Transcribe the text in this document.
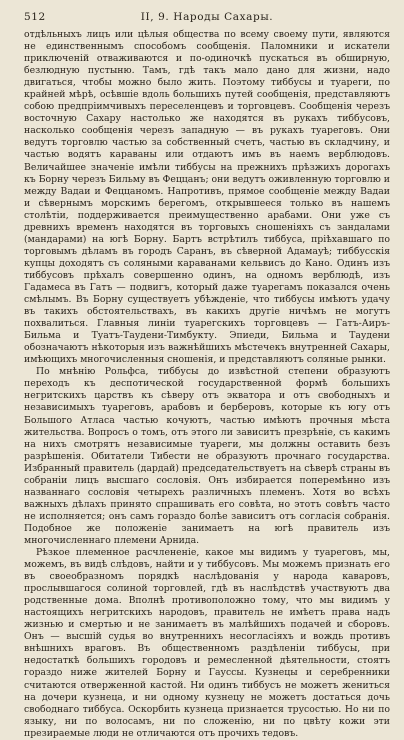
512	II, 9. Народы Сахары.

отдѣльныхъ лицъ или цѣлыя общества по всему своему пути, являются не единственнымъ способомъ сообщенія. Паломники и искатели приключеній отваживаются и по-одиночкѣ пускаться въ обширную, безлюдную пустыню. Тамъ, гдѣ такъ мало дано для жизни, надо двигаться, чтобы можно было жить. Поэтому тиббусы и туареги, по крайней мѣрѣ, осѣвшіе вдоль большихъ путей сообщенія, представляютъ собою предпріимчивыхъ переселенцевъ и торговцевъ. Сообщенія черезъ восточную Сахару настолько же находятся въ рукахъ тиббусовъ, насколько сообщенія черезъ западную — въ рукахъ туареговъ. Они ведутъ торговлю частью за собственный счетъ, частью въ складчину, и частью водятъ караваны или отдаютъ имъ въ наемъ верблюдовъ. Величайшее значеніе имѣли тиббусы на прежнихъ прѣзжихъ дорогахъ къ Борну черезъ Бильму въ Феццанъ; они ведутъ оживленную торговлю и между Вадаи и Феццаномъ. Напротивъ, прямое сообщеніе между Вадаи и сѣвернымъ морскимъ берегомъ, открывшееся только въ нашемъ столѣтіи, поддерживается преимущественно арабами. Они уже съ древнихъ временъ находятся въ торговыхъ сношеніяхъ съ зандалами (мандарами) на югѣ Борну. Бартъ встрѣтилъ тиббуса, пріѣхавшаго по торговымъ дѣламъ въ городъ Саранъ, въ сѣверной Адамауѣ; тиббусскія купцы доходятъ съ соляными караванами кельвисъ до Кано. Одинъ изъ тиббусовъ прѣхалъ совершенно одинъ, на одномъ верблюдѣ, изъ Гадамеса въ Гатъ — подвигъ, который даже туарегамъ показался очень смѣлымъ. Въ Борну существуетъ убѣжденіе, что тиббусы имѣютъ удачу въ такихъ обстоятельствахъ, въ какихъ другіе ничѣмъ не могутъ похвалиться. Главныя линіи туарегскихъ торговцевъ — Гатъ-Аиръ-Бильма и Туатъ-Таудени-Тимбукту. Эпиеди, Бильма и Таудени обозначаютъ нѣкоторыя изъ важнѣйшихъ мѣстечекъ внутренней Сахары, имѣющихъ многочисленныя сношенія, и представляютъ соляные рынки.

По мнѣнію Рольфса, тиббусы до извѣстной степени образуютъ переходъ къ деспотической государственной формѣ большихъ негритскихъ царствъ къ сѣверу отъ экватора и отъ свободныхъ и независимыхъ туареговъ, арабовъ и берберовъ, которые къ югу отъ Большого Атласа частью кочуютъ, частью имѣютъ прочныя мѣста жительства. Вопросъ о томъ, отъ этого ли зависитъ презрѣніе, съ какимъ на нихъ смотрятъ независимые туареги, мы должны оставить безъ разрѣшенія. Обитатели Тибести не образуютъ прочнаго государства. Избранный правитель (дардай) председательствуетъ на сѣверѣ страны въ собраніи лицъ высшаго сословія. Онъ избирается поперемѣнно изъ названнаго сословія четырехъ различныхъ племенъ. Хотя во всѣхъ важныхъ дѣлахъ принято спрашивать его совѣта, но этотъ совѣтъ часто не исполняется; онъ самъ гораздо болѣе зависитъ отъ согласія собранія. Подобное же положеніе занимаетъ на югѣ правитель изъ многочисленнаго племени Арнида.

Рѣзкое племенное расчлененіе, какое мы видимъ у туареговъ, мы, можемъ, въ видѣ слѣдовъ, найти и у тиббусовъ. Мы можемъ признать его въ своеобразномъ порядкѣ наслѣдованія у народа каваровъ, прослывшагося солиной торговлей, гдѣ въ наслѣдствѣ участвуютъ два родственные дома. Вполнѣ противоположно тому, что мы видимъ у настоящихъ негритскихъ народовъ, правитель не имѣетъ права надъ жизнью и смертью и не занимаетъ въ малѣйшихъ подачей и сборовъ. Онъ — высшій судья во внутреннихъ несогласіяхъ и вождь противъ внѣшнихъ враговъ. Въ общественномъ раздѣленіи тиббусы, при недостаткѣ большихъ городовъ и ремесленной дѣятельности, стоятъ гораздо ниже жителей Борну и Гауссы. Кузнецы и серебренники считаются отверженной кастой. Ни одинъ тиббусъ не можетъ жениться на дочери кузнеца, и ни одному кузнецу не можетъ достаться дочь свободнаго тиббуса. Оскорбить кузнеца признается трусостью. Но ни по языку, ни по волосамъ, ни по сложенію, ни по цвѣту кожи эти презираемые люди не отличаются отъ прочихъ тедовъ.
